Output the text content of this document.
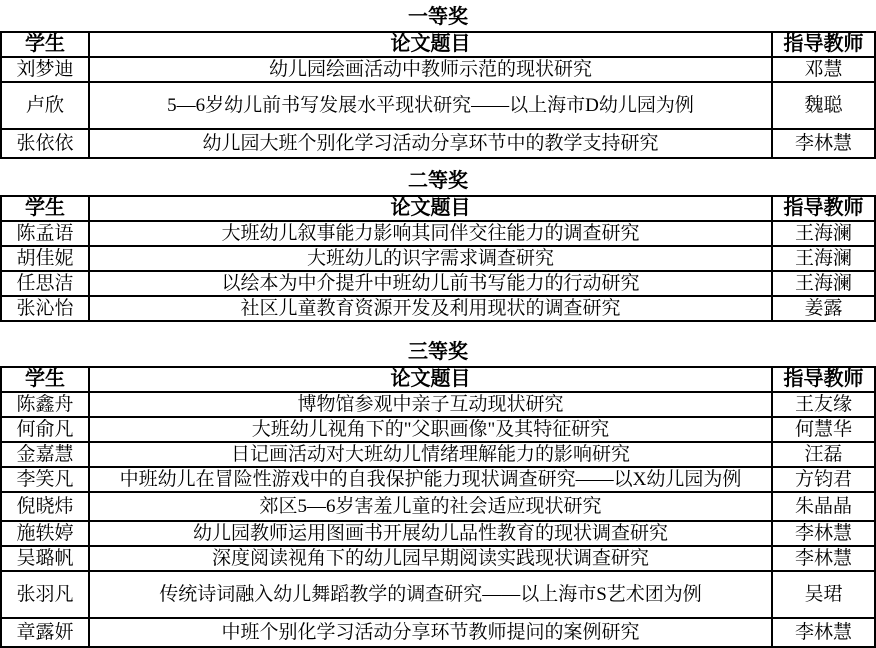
一等奖
学生	论文题目	指导教师
刘梦迪	幼儿园绘画活动中教师示范的现状研究	邓慧
卢欣	5—6岁幼儿前书写发展水平现状研究——以上海市D幼儿园为例	魏聪
张依依	幼儿园大班个别化学习活动分享环节中的教学支持研究	李林慧
二等奖
学生	论文题目	指导教师
陈孟语	大班幼儿叙事能力影响其同伴交往能力的调查研究	王海澜
胡佳妮	大班幼儿的识字需求调查研究	王海澜
任思洁	以绘本为中介提升中班幼儿前书写能力的行动研究	王海澜
张沁怡	社区儿童教育资源开发及利用现状的调查研究	姜露
三等奖
学生	论文题目	指导教师
陈鑫舟	博物馆参观中亲子互动现状研究	王友缘
何俞凡	大班幼儿视角下的"父职画像"及其特征研究	何慧华
金嘉慧	日记画活动对大班幼儿情绪理解能力的影响研究	汪磊
李笑凡	中班幼儿在冒险性游戏中的自我保护能力现状调查研究——以X幼儿园为例	方钧君
倪晓炜	郊区5—6岁害羞儿童的社会适应现状研究	朱晶晶
施轶婷	幼儿园教师运用图画书开展幼儿品性教育的现状调查研究	李林慧
吴璐帆	深度阅读视角下的幼儿园早期阅读实践现状调查研究	李林慧
张羽凡	传统诗词融入幼儿舞蹈教学的调查研究——以上海市S艺术团为例	吴珺
章露妍	中班个别化学习活动分享环节教师提问的案例研究	李林慧
